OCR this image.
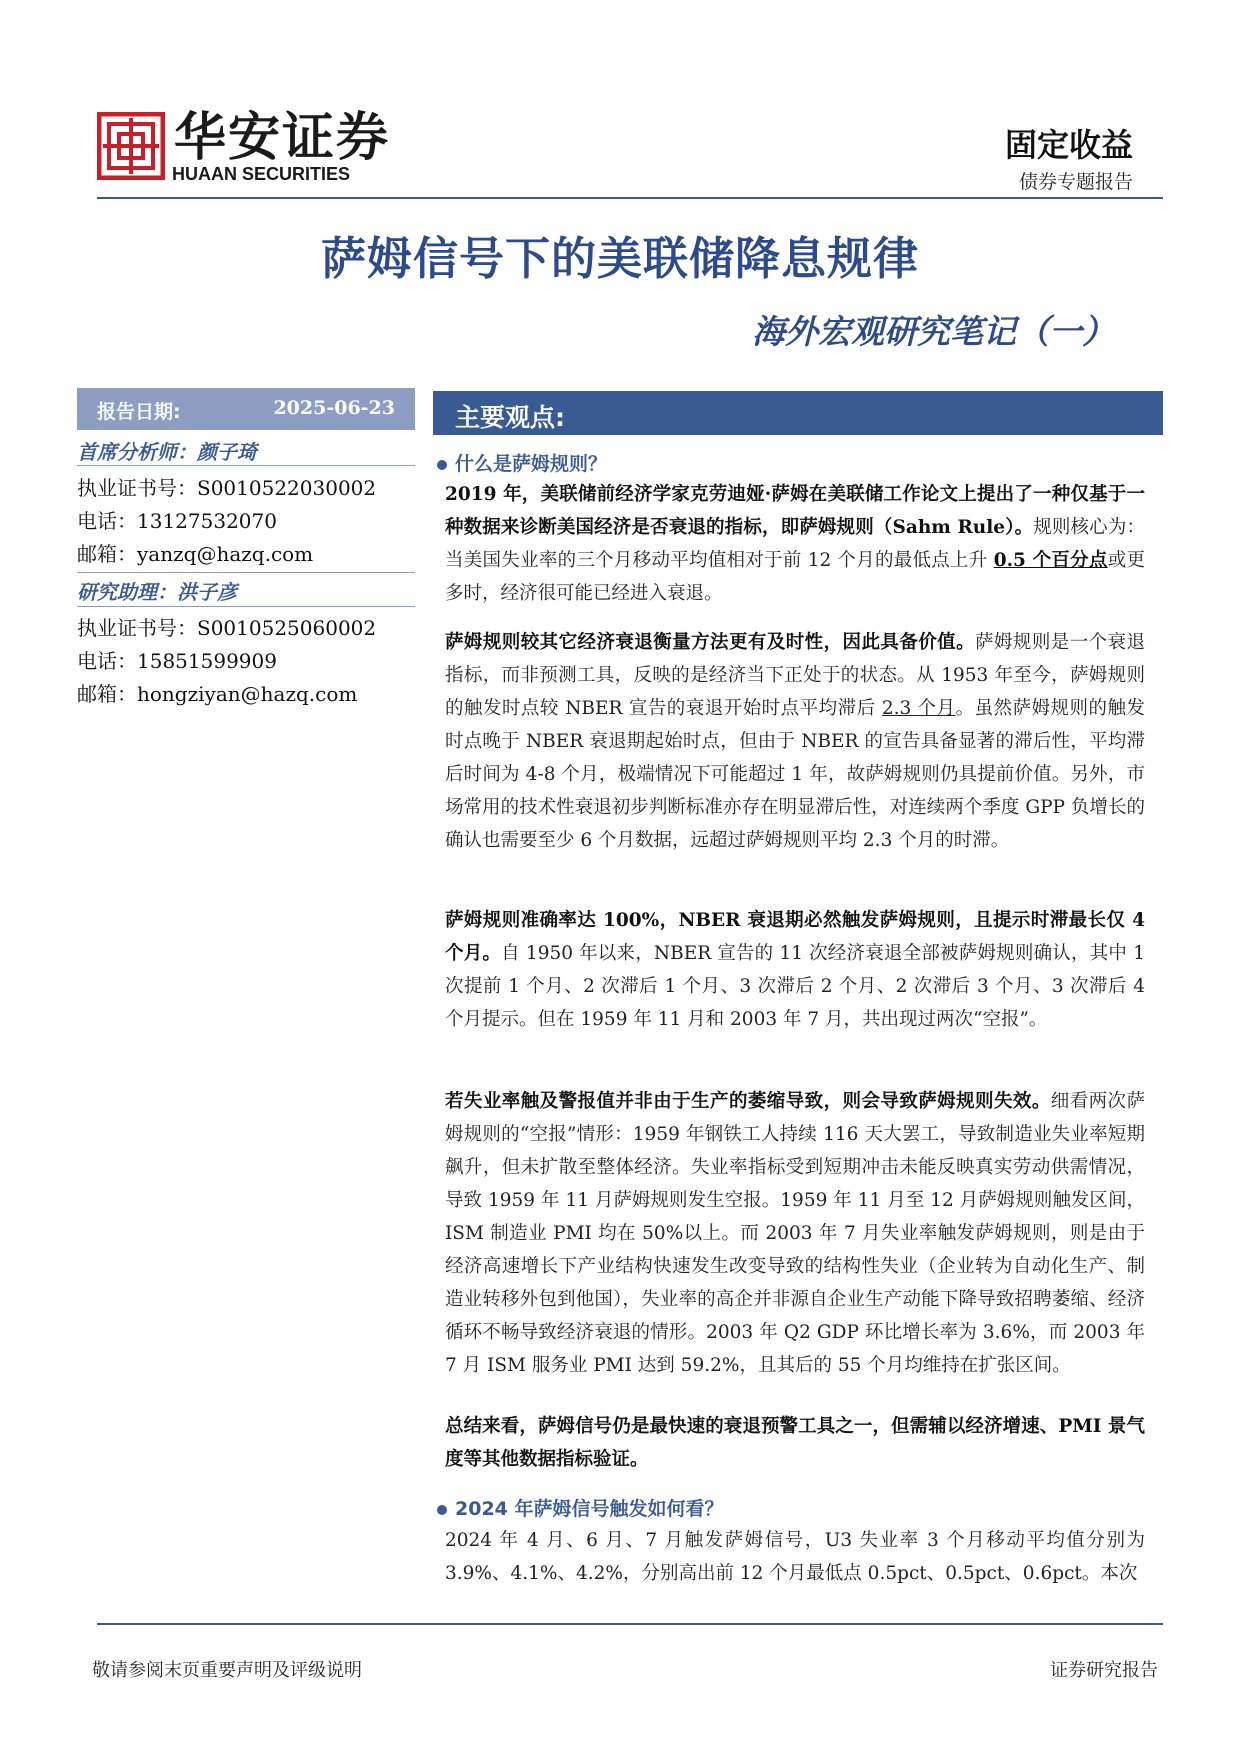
华安证券
HUAAN SECURITIES
固定收益
债券专题报告
萨姆信号下的美联储降息规律
海外宏观研究笔记（一）
报告日期:	2025-06-23
首席分析师：颜子琦
执业证书号：S0010522030002
电话：13127532070
邮箱：yanzq@hazq.com
研究助理：洪子彦
执业证书号：S0010525060002
电话：15851599909
邮箱：hongziyan@hazq.com
主要观点:
什么是萨姆规则？
2019 年，美联储前经济学家克劳迪娅·萨姆在美联储工作论文上提出了一种仅基于一种数据来诊断美国经济是否衰退的指标，即萨姆规则（Sahm Rule）。规则核心为：当美国失业率的三个月移动平均值相对于前 12 个月的最低点上升 0.5 个百分点或更多时，经济很可能已经进入衰退。
萨姆规则较其它经济衰退衡量方法更有及时性，因此具备价值。萨姆规则是一个衰退指标，而非预测工具，反映的是经济当下正处于的状态。从 1953 年至今，萨姆规则的触发时点较 NBER 宣告的衰退开始时点平均滞后 2.3 个月。虽然萨姆规则的触发时点晚于 NBER 衰退期起始时点，但由于 NBER 的宣告具备显著的滞后性，平均滞后时间为 4-8 个月，极端情况下可能超过 1 年，故萨姆规则仍具提前价值。另外，市场常用的技术性衰退初步判断标准亦存在明显滞后性，对连续两个季度 GPP 负增长的确认也需要至少 6 个月数据，远超过萨姆规则平均 2.3 个月的时滞。
萨姆规则准确率达 100%，NBER 衰退期必然触发萨姆规则，且提示时滞最长仅 4 个月。自 1950 年以来，NBER 宣告的 11 次经济衰退全部被萨姆规则确认，其中 1 次提前 1 个月、2 次滞后 1 个月、3 次滞后 2 个月、2 次滞后 3 个月、3 次滞后 4 个月提示。但在 1959 年 11 月和 2003 年 7 月，共出现过两次“空报”。
若失业率触及警报值并非由于生产的萎缩导致，则会导致萨姆规则失效。细看两次萨姆规则的“空报”情形：1959 年钢铁工人持续 116 天大罢工，导致制造业失业率短期飙升，但未扩散至整体经济。失业率指标受到短期冲击未能反映真实劳动供需情况，导致 1959 年 11 月萨姆规则发生空报。1959 年 11 月至 12 月萨姆规则触发区间，ISM 制造业 PMI 均在 50%以上。而 2003 年 7 月失业率触发萨姆规则，则是由于经济高速增长下产业结构快速发生改变导致的结构性失业（企业转为自动化生产、制造业转移外包到他国），失业率的高企并非源自企业生产动能下降导致招聘萎缩、经济循环不畅导致经济衰退的情形。2003 年 Q2 GDP 环比增长率为 3.6%，而 2003 年 7 月 ISM 服务业 PMI 达到 59.2%，且其后的 55 个月均维持在扩张区间。
总结来看，萨姆信号仍是最快速的衰退预警工具之一，但需辅以经济增速、PMI 景气度等其他数据指标验证。
2024 年萨姆信号触发如何看？
2024 年 4 月、6 月、7 月触发萨姆信号，U3 失业率 3 个月移动平均值分别为 3.9%、4.1%、4.2%，分别高出前 12 个月最低点 0.5pct、0.5pct、0.6pct。本次
敬请参阅末页重要声明及评级说明	证券研究报告
